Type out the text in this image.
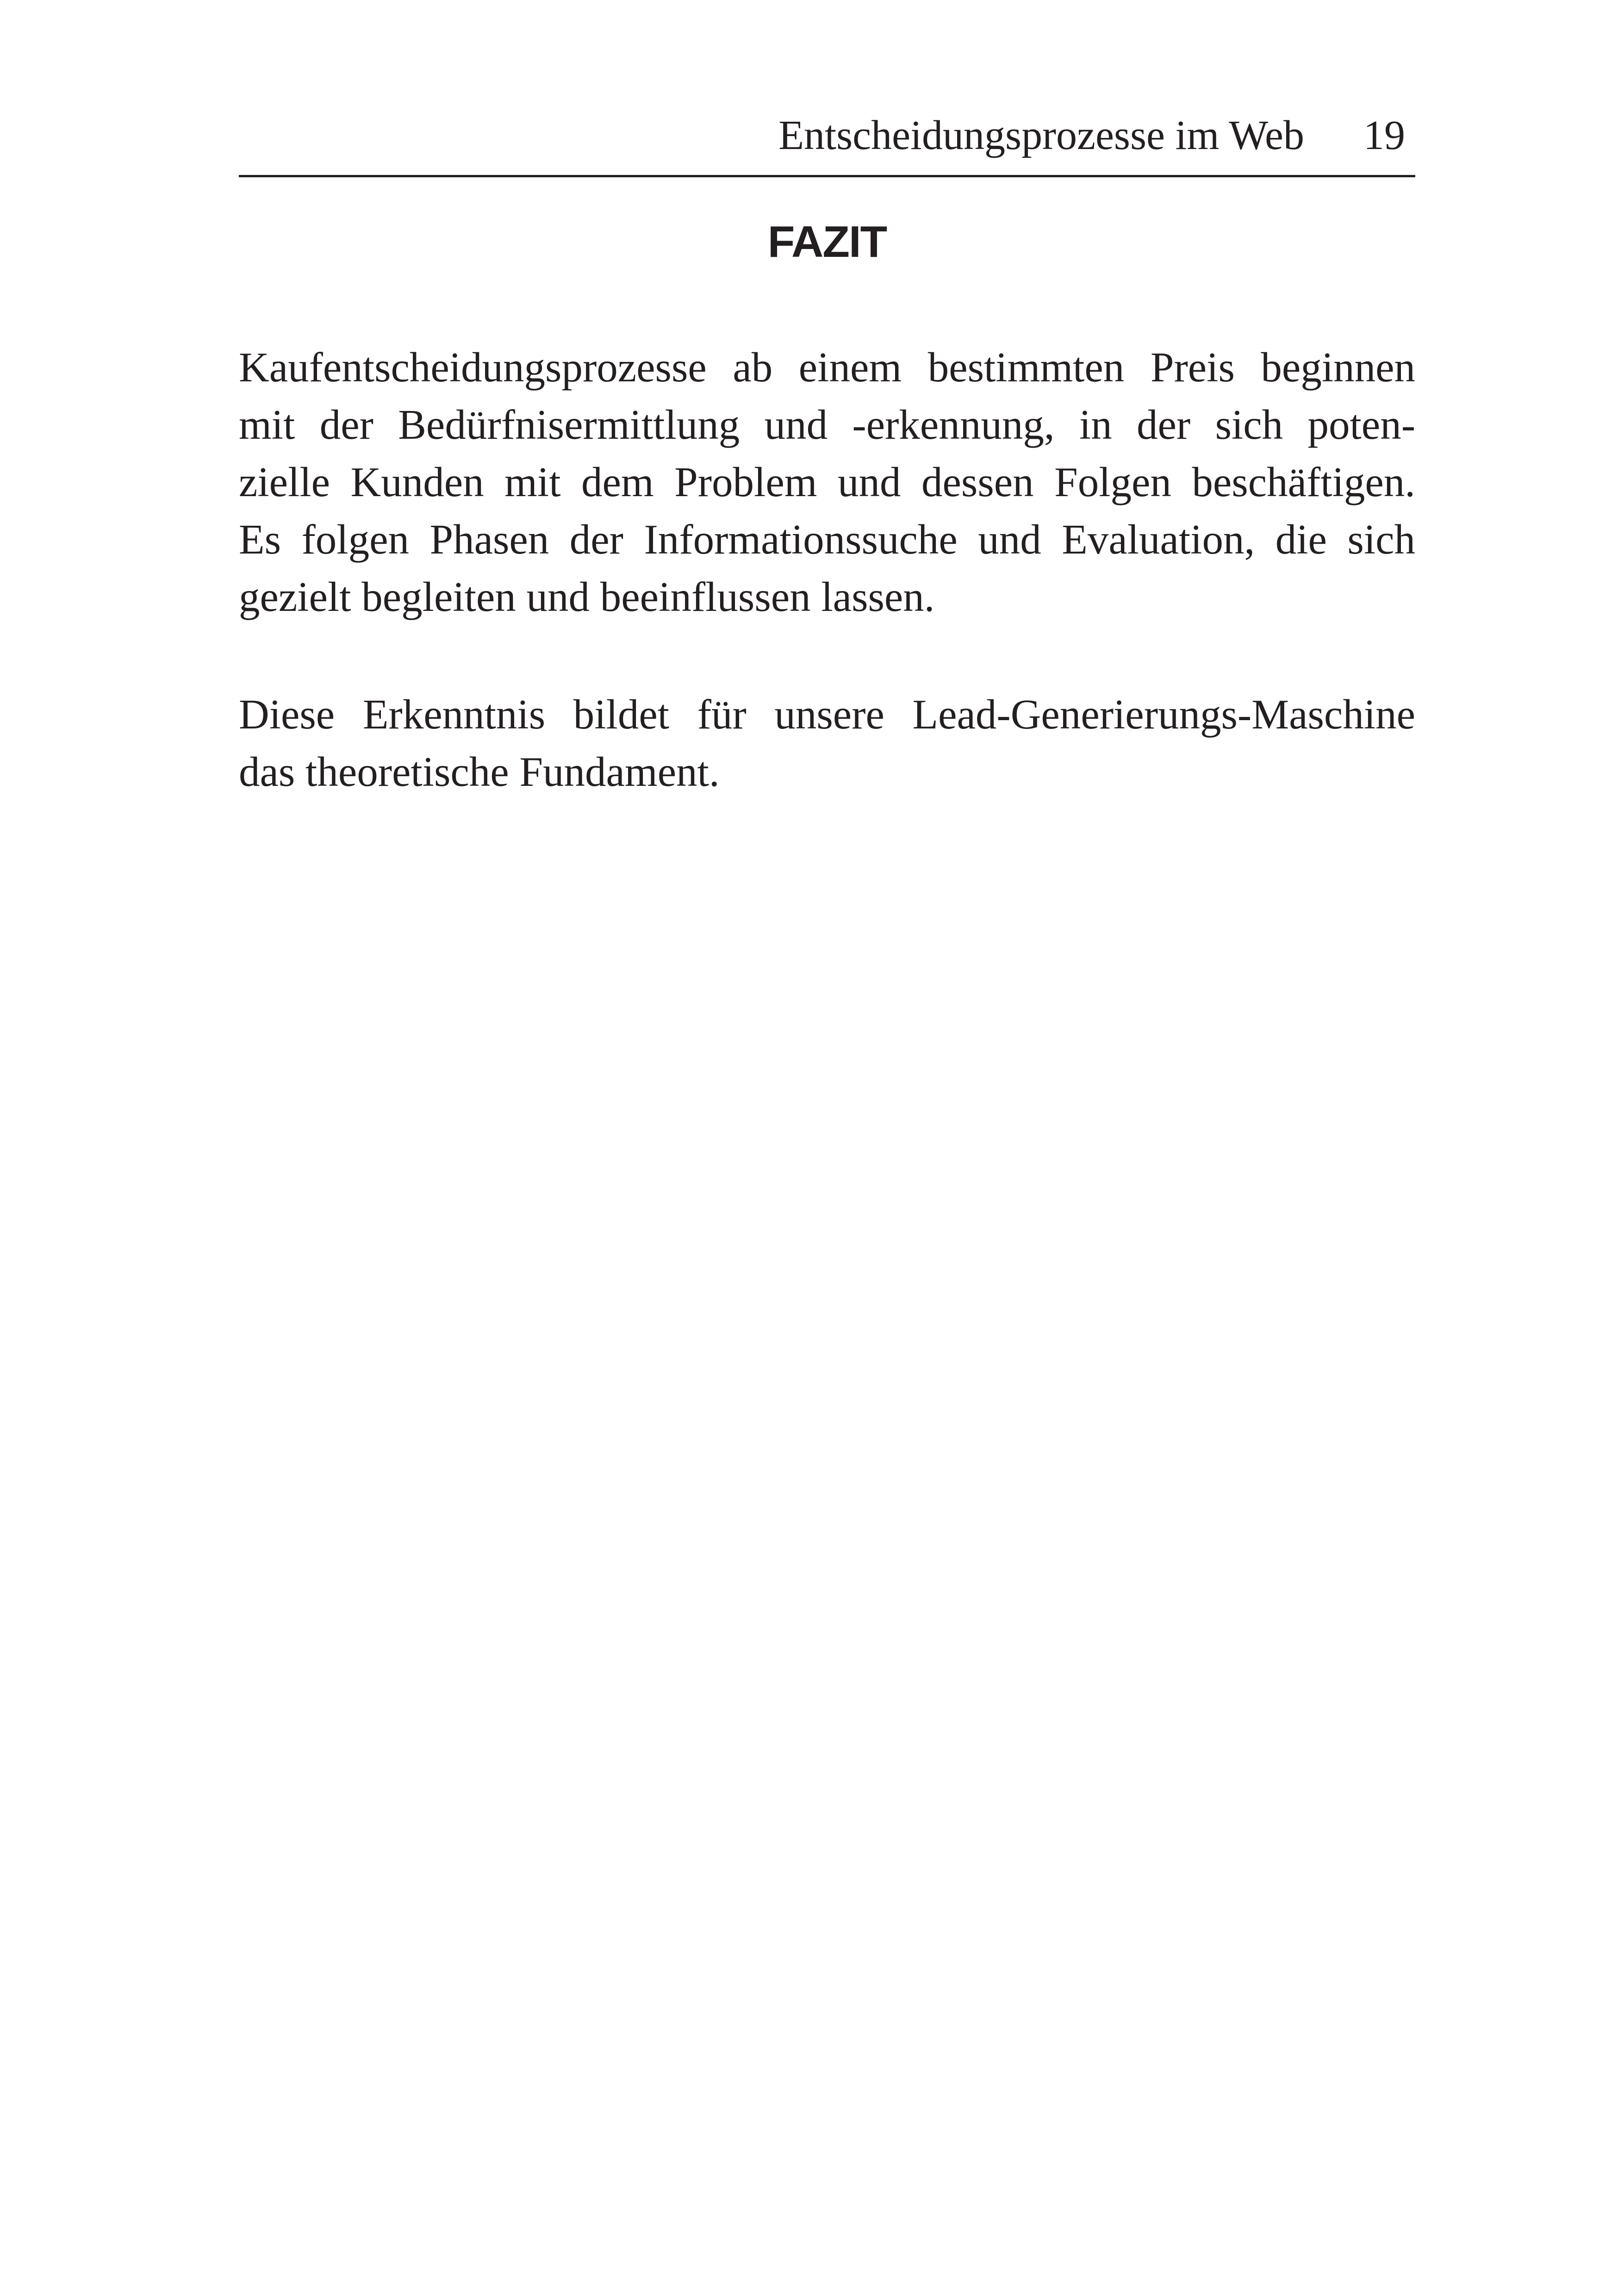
Entscheidungsprozesse im Web 19
FAZIT

Kaufentscheidungsprozesse ab einem bestimmten Preis beginnen
mit der Bedürfnisermittlung und -erkennung, in der sich poten-
zielle Kunden mit dem Problem und dessen Folgen beschäftigen.
Es folgen Phasen der Informationssuche und Evaluation, die sich
gezielt begleiten und beeinflussen lassen.

Diese Erkenntnis bildet für unsere Lead-Generierungs-Maschine
das theoretische Fundament.
